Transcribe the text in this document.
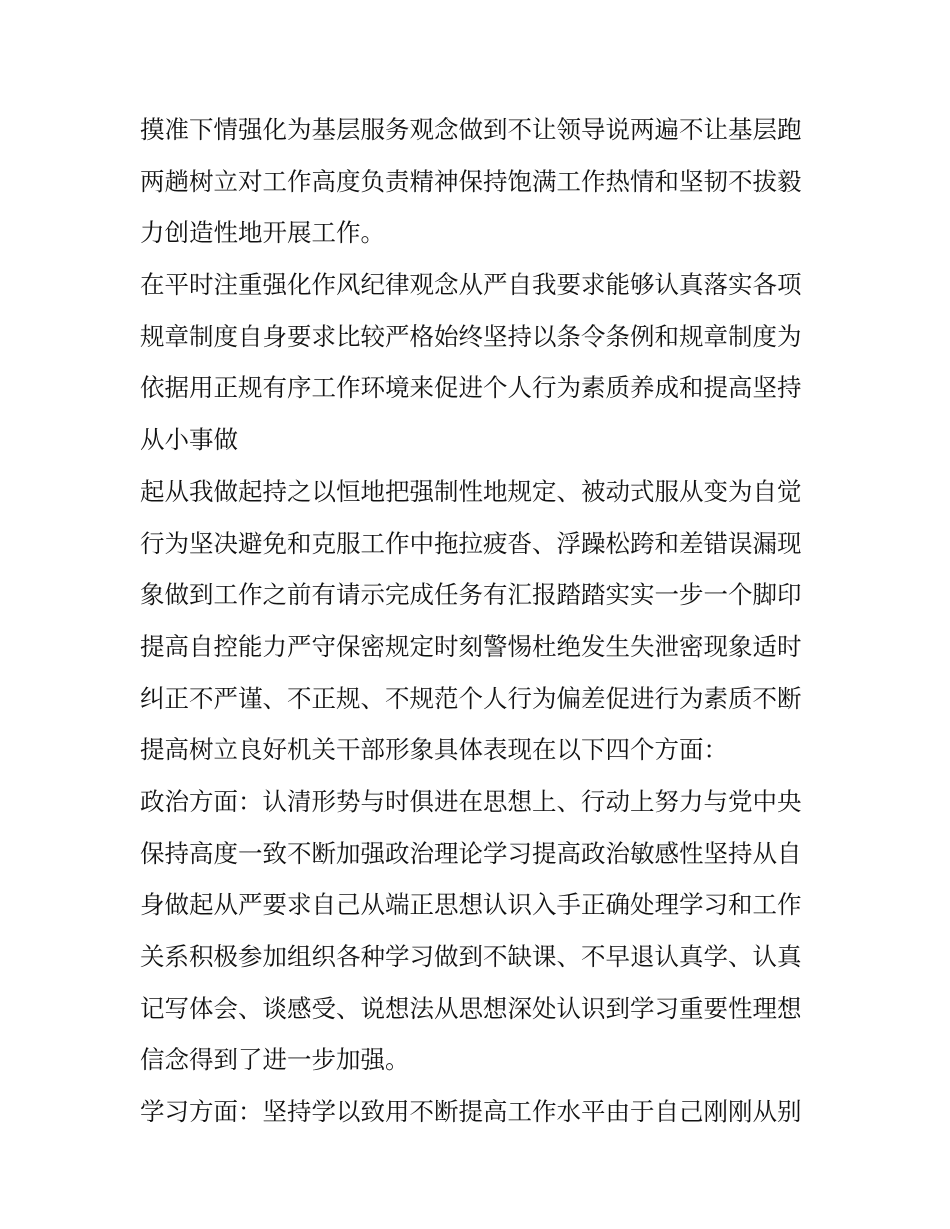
摸准下情强化为基层服务观念做到不让领导说两遍不让基层跑
两趟树立对工作高度负责精神保持饱满工作热情和坚韧不拔毅
力创造性地开展工作。
在平时注重强化作风纪律观念从严自我要求能够认真落实各项
规章制度自身要求比较严格始终坚持以条令条例和规章制度为
依据用正规有序工作环境来促进个人行为素质养成和提高坚持
从小事做
起从我做起持之以恒地把强制性地规定、被动式服从变为自觉
行为坚决避免和克服工作中拖拉疲沓、浮躁松跨和差错误漏现
象做到工作之前有请示完成任务有汇报踏踏实实一步一个脚印
提高自控能力严守保密规定时刻警惕杜绝发生失泄密现象适时
纠正不严谨、不正规、不规范个人行为偏差促进行为素质不断
提高树立良好机关干部形象具体表现在以下四个方面：
政治方面：认清形势与时俱进在思想上、行动上努力与党中央
保持高度一致不断加强政治理论学习提高政治敏感性坚持从自
身做起从严要求自己从端正思想认识入手正确处理学习和工作
关系积极参加组织各种学习做到不缺课、不早退认真学、认真
记写体会、谈感受、说想法从思想深处认识到学习重要性理想
信念得到了进一步加强。
学习方面：坚持学以致用不断提高工作水平由于自己刚刚从别
